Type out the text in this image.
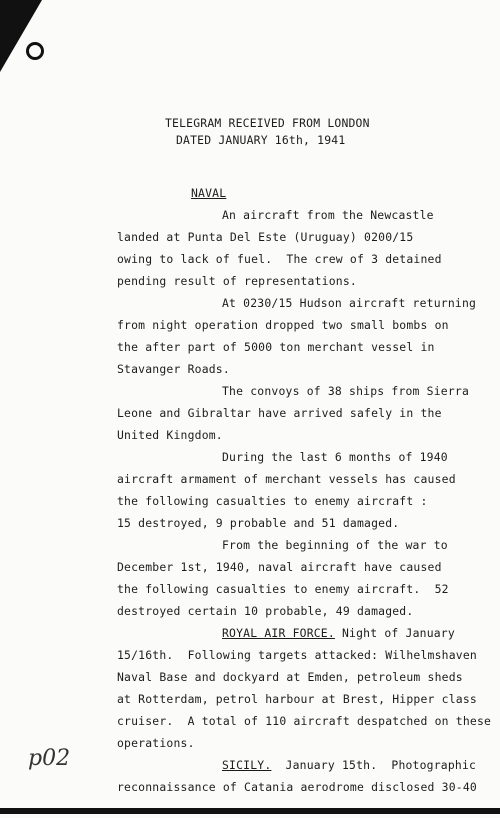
TELEGRAM RECEIVED FROM LONDON
DATED JANUARY 16th, 1941
NAVAL
An aircraft from the Newcastle
landed at Punta Del Este (Uruguay) 0200/15
owing to lack of fuel.  The crew of 3 detained
pending result of representations.
At 0230/15 Hudson aircraft returning
from night operation dropped two small bombs on
the after part of 5000 ton merchant vessel in
Stavanger Roads.
The convoys of 38 ships from Sierra
Leone and Gibraltar have arrived safely in the
United Kingdom.
During the last 6 months of 1940
aircraft armament of merchant vessels has caused
the following casualties to enemy aircraft :
15 destroyed, 9 probable and 51 damaged.
From the beginning of the war to
December 1st, 1940, naval aircraft have caused
the following casualties to enemy aircraft.  52
destroyed certain 10 probable, 49 damaged.
ROYAL AIR FORCE. Night of January
15/16th.  Following targets attacked: Wilhelmshaven
Naval Base and dockyard at Emden, petroleum sheds
at Rotterdam, petrol harbour at Brest, Hipper class
cruiser.  A total of 110 aircraft despatched on these
operations.
SICILY.  January 15th.  Photographic
reconnaissance of Catania aerodrome disclosed 30-40
p02
